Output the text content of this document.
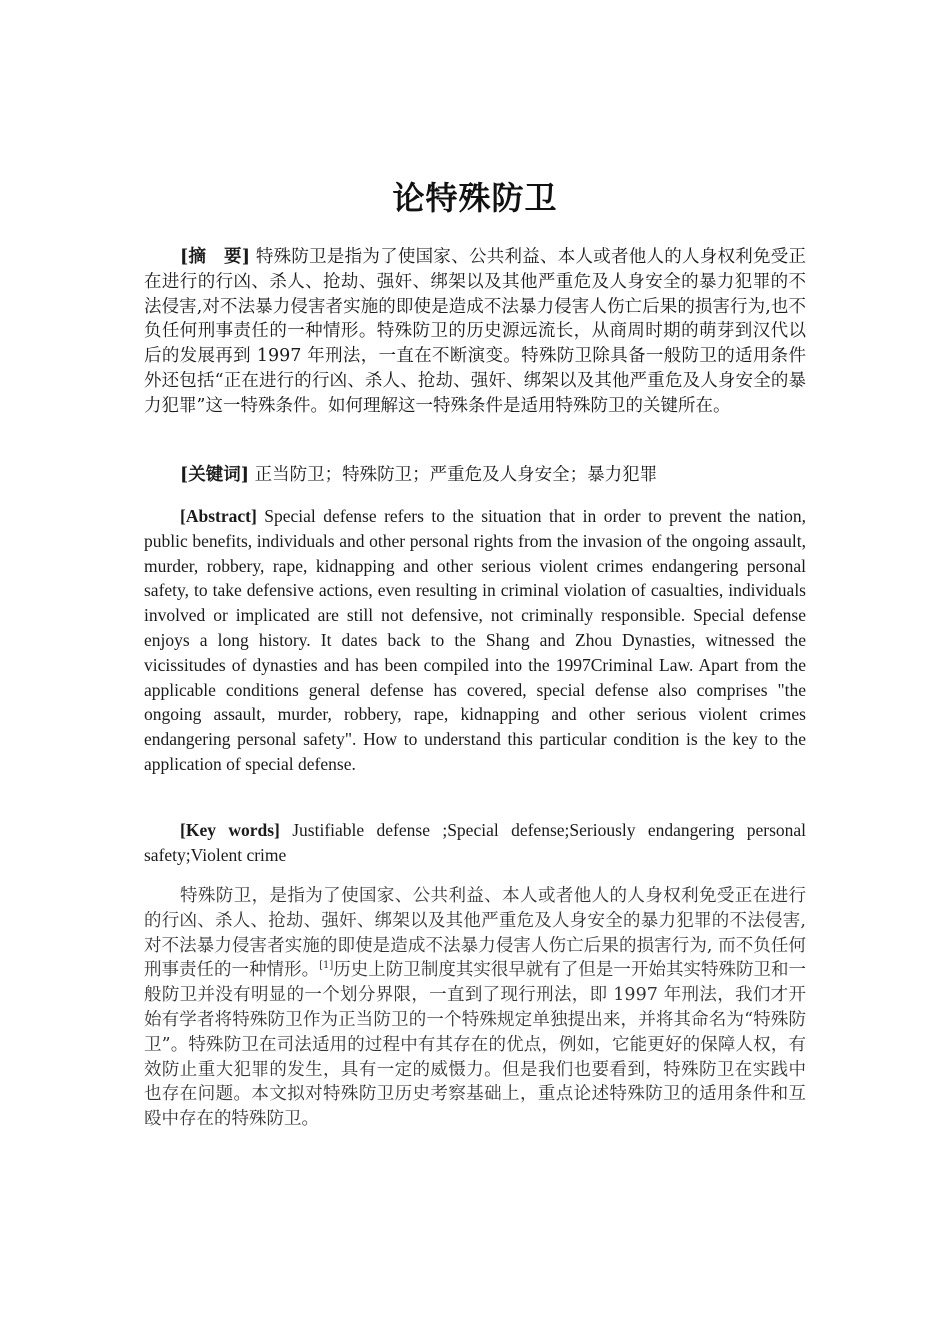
论特殊防卫

[摘　要] 特殊防卫是指为了使国家、公共利益、本人或者他人的人身权利免受正在进行的行凶、杀人、抢劫、强奸、绑架以及其他严重危及人身安全的暴力犯罪的不法侵害,对不法暴力侵害者实施的即使是造成不法暴力侵害人伤亡后果的损害行为,也不负任何刑事责任的一种情形。特殊防卫的历史源远流长，从商周时期的萌芽到汉代以后的发展再到 1997 年刑法，一直在不断演变。特殊防卫除具备一般防卫的适用条件外还包括“正在进行的行凶、杀人、抢劫、强奸、绑架以及其他严重危及人身安全的暴力犯罪”这一特殊条件。如何理解这一特殊条件是适用特殊防卫的关键所在。

[关键词] 正当防卫；特殊防卫；严重危及人身安全；暴力犯罪

[Abstract] Special defense refers to the situation that in order to prevent the nation, public benefits, individuals and other personal rights from the invasion of the ongoing assault, murder, robbery, rape, kidnapping and other serious violent crimes endangering personal safety, to take defensive actions, even resulting in criminal violation of casualties, individuals involved or implicated are still not defensive, not criminally responsible. Special defense enjoys a long history. It dates back to the Shang and Zhou Dynasties, witnessed the vicissitudes of dynasties and has been compiled into the 1997Criminal Law. Apart from the applicable conditions general defense has covered, special defense also comprises "the ongoing assault, murder, robbery, rape, kidnapping and other serious violent crimes endangering personal safety". How to understand this particular condition is the key to the application of special defense.

[Key words] Justifiable defense ;Special defense;Seriously endangering personal safety;Violent crime

特殊防卫，是指为了使国家、公共利益、本人或者他人的人身权利免受正在进行的行凶、杀人、抢劫、强奸、绑架以及其他严重危及人身安全的暴力犯罪的不法侵害, 对不法暴力侵害者实施的即使是造成不法暴力侵害人伤亡后果的损害行为, 而不负任何刑事责任的一种情形。[1]历史上防卫制度其实很早就有了但是一开始其实特殊防卫和一般防卫并没有明显的一个划分界限，一直到了现行刑法，即 1997 年刑法，我们才开始有学者将特殊防卫作为正当防卫的一个特殊规定单独提出来，并将其命名为“特殊防卫”。特殊防卫在司法适用的过程中有其存在的优点，例如，它能更好的保障人权，有效防止重大犯罪的发生，具有一定的威慑力。但是我们也要看到，特殊防卫在实践中也存在问题。本文拟对特殊防卫历史考察基础上，重点论述特殊防卫的适用条件和互殴中存在的特殊防卫。
